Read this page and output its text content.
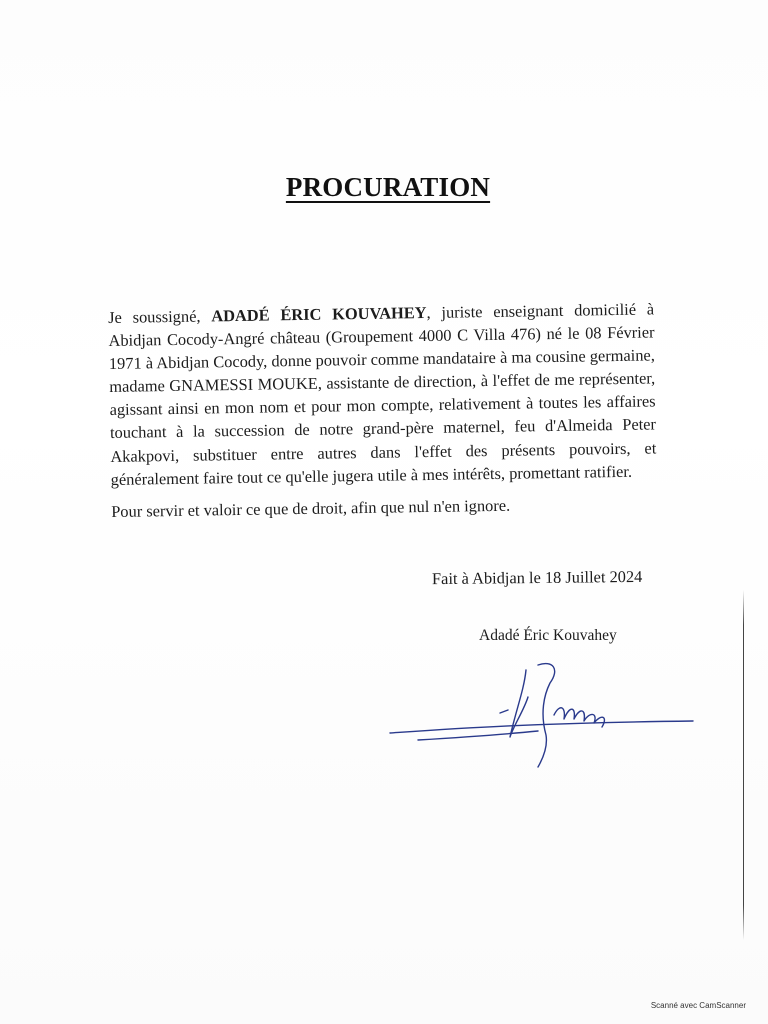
PROCURATION

Je soussigné, ADADÉ ÉRIC KOUVAHEY, juriste enseignant domicilié à Abidjan Cocody-Angré château (Groupement 4000 C Villa 476) né le 08 Février 1971 à Abidjan Cocody, donne pouvoir comme mandataire à ma cousine germaine, madame GNAMESSI MOUKE, assistante de direction, à l'effet de me représenter, agissant ainsi en mon nom et pour mon compte, relativement à toutes les affaires touchant à la succession de notre grand-père maternel, feu d'Almeida Peter Akakpovi, substituer entre autres dans l'effet des présents pouvoirs, et généralement faire tout ce qu'elle jugera utile à mes intérêts, promettant ratifier.

Pour servir et valoir ce que de droit, afin que nul n'en ignore.

Fait à Abidjan le 18 Juillet 2024
Adadé Éric Kouvahey
Scanné avec CamScanner
